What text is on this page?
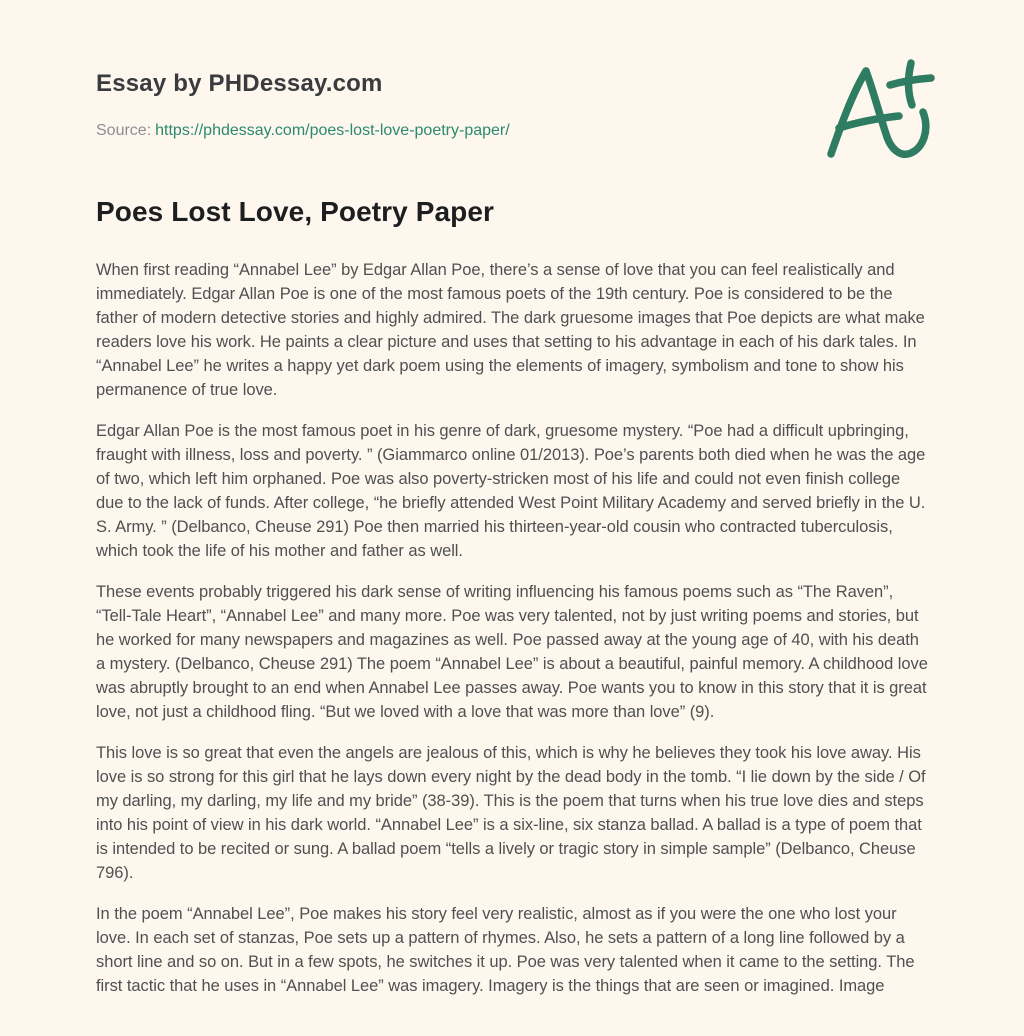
Essay by PHDessay.com
Source: https://phdessay.com/poes-lost-love-poetry-paper/
Poes Lost Love, Poetry Paper

When first reading “Annabel Lee” by Edgar Allan Poe, there’s a sense of love that you can feel realistically and immediately. Edgar Allan Poe is one of the most famous poets of the 19th century. Poe is considered to be the father of modern detective stories and highly admired. The dark gruesome images that Poe depicts are what make readers love his work. He paints a clear picture and uses that setting to his advantage in each of his dark tales. In “Annabel Lee” he writes a happy yet dark poem using the elements of imagery, symbolism and tone to show his permanence of true love.

Edgar Allan Poe is the most famous poet in his genre of dark, gruesome mystery. “Poe had a difficult upbringing, fraught with illness, loss and poverty. ” (Giammarco online 01/2013). Poe’s parents both died when he was the age of two, which left him orphaned. Poe was also poverty-stricken most of his life and could not even finish college due to the lack of funds. After college, “he briefly attended West Point Military Academy and served briefly in the U. S. Army. ” (Delbanco, Cheuse 291) Poe then married his thirteen-year-old cousin who contracted tuberculosis, which took the life of his mother and father as well.

These events probably triggered his dark sense of writing influencing his famous poems such as “The Raven”, “Tell-Tale Heart”, “Annabel Lee” and many more. Poe was very talented, not by just writing poems and stories, but he worked for many newspapers and magazines as well. Poe passed away at the young age of 40, with his death a mystery. (Delbanco, Cheuse 291) The poem “Annabel Lee” is about a beautiful, painful memory. A childhood love was abruptly brought to an end when Annabel Lee passes away. Poe wants you to know in this story that it is great love, not just a childhood fling. “But we loved with a love that was more than love” (9).

This love is so great that even the angels are jealous of this, which is why he believes they took his love away. His love is so strong for this girl that he lays down every night by the dead body in the tomb. “I lie down by the side / Of my darling, my darling, my life and my bride” (38-39). This is the poem that turns when his true love dies and steps into his point of view in his dark world. “Annabel Lee” is a six-line, six stanza ballad. A ballad is a type of poem that is intended to be recited or sung. A ballad poem “tells a lively or tragic story in simple sample” (Delbanco, Cheuse 796).

In the poem “Annabel Lee”, Poe makes his story feel very realistic, almost as if you were the one who lost your love. In each set of stanzas, Poe sets up a pattern of rhymes. Also, he sets a pattern of a long line followed by a short line and so on. But in a few spots, he switches it up. Poe was very talented when it came to the setting. The first tactic that he uses in “Annabel Lee” was imagery. Imagery is the things that are seen or imagined. Image
